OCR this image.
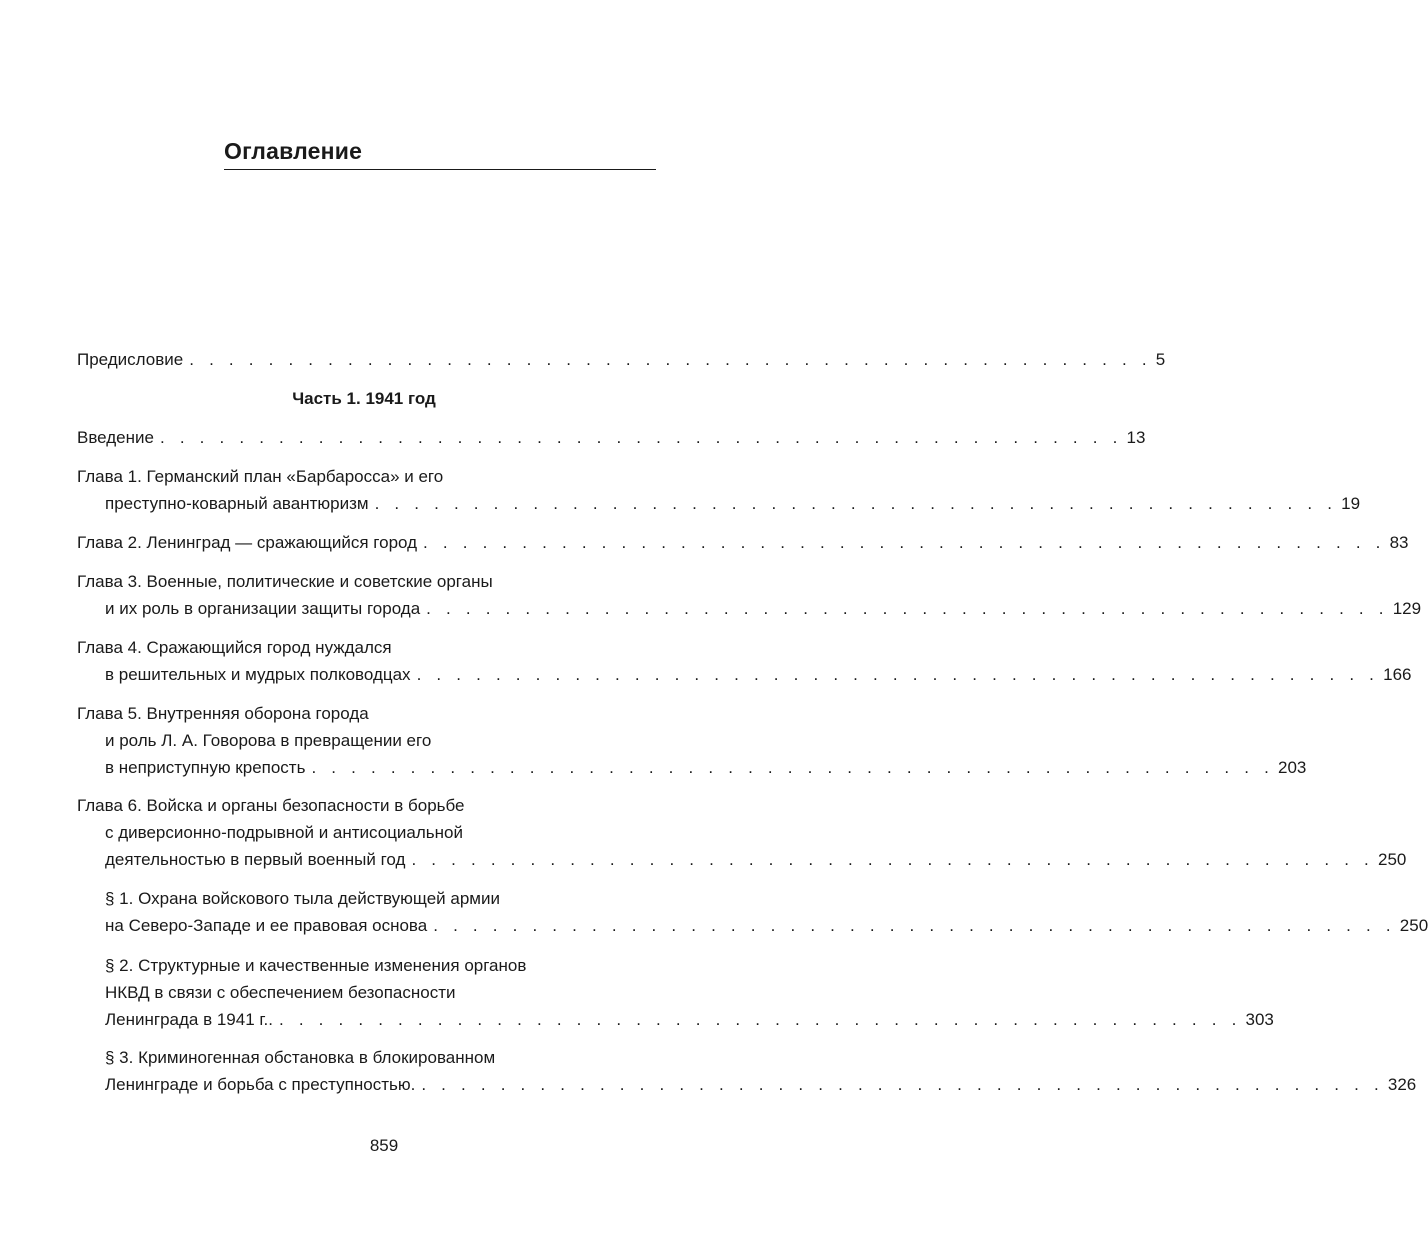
Оглавление
Предисловие . . . . . . . . . . . . . . . . . . . . . . . . . . . . . . . . . . . . . . . . . . . . . . . . . 5
Часть 1. 1941 год
Введение . . . . . . . . . . . . . . . . . . . . . . . . . . . . . . . . . . . . . . . . . . . . . . . . . 13
Глава 1. Германский план «Барбаросса» и его
преступно-коварный авантюризм . . . . . . . . . . . . . . . . . . . . . . . . . . . . . . . . . . . . . . . . . . . . . . . . . 19
Глава 2. Ленинград — сражающийся город . . . . . . . . . . . . . . . . . . . . . . . . . . . . . . . . . . . . . . . . . . . . . . . . . 83
Глава 3. Военные, политические и советские органы
и их роль в организации защиты города . . . . . . . . . . . . . . . . . . . . . . . . . . . . . . . . . . . . . . . . . . . . . . . . . 129
Глава 4. Сражающийся город нуждался
в решительных и мудрых полководцах . . . . . . . . . . . . . . . . . . . . . . . . . . . . . . . . . . . . . . . . . . . . . . . . . 166
Глава 5. Внутренняя оборона города
и роль Л. А. Говорова в превращении его
в неприступную крепость . . . . . . . . . . . . . . . . . . . . . . . . . . . . . . . . . . . . . . . . . . . . . . . . . 203
Глава 6. Войска и органы безопасности в борьбе
с диверсионно-подрывной и антисоциальной
деятельностью в первый военный год . . . . . . . . . . . . . . . . . . . . . . . . . . . . . . . . . . . . . . . . . . . . . . . . . 250
§ 1. Охрана войскового тыла действующей армии
на Северо-Западе и ее правовая основа . . . . . . . . . . . . . . . . . . . . . . . . . . . . . . . . . . . . . . . . . . . . . . . . . 250
§ 2. Структурные и качественные изменения органов
НКВД в связи с обеспечением безопасности
Ленинграда в 1941 г.. . . . . . . . . . . . . . . . . . . . . . . . . . . . . . . . . . . . . . . . . . . . . . . . . . 303
§ 3. Криминогенная обстановка в блокированном
Ленинграде и борьба с преступностью. . . . . . . . . . . . . . . . . . . . . . . . . . . . . . . . . . . . . . . . . . . . . . . . . . 326
859
